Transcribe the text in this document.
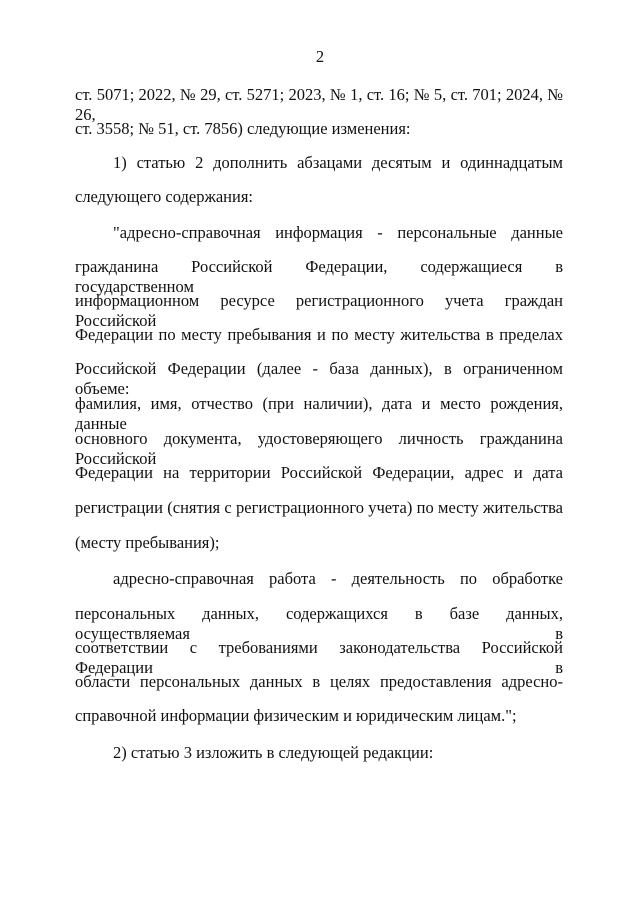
2
ст. 5071; 2022, № 29, ст. 5271; 2023, № 1, ст. 16; № 5, ст. 701; 2024, № 26,
ст. 3558; № 51, ст. 7856) следующие изменения:
1) статью 2 дополнить абзацами десятым и одиннадцатым
следующего содержания:
"адресно-справочная информация - персональные данные
гражданина Российской Федерации, содержащиеся в государственном
информационном ресурсе регистрационного учета граждан Российской
Федерации по месту пребывания и по месту жительства в пределах
Российской Федерации (далее - база данных), в ограниченном объеме:
фамилия, имя, отчество (при наличии), дата и место рождения, данные
основного документа, удостоверяющего личность гражданина Российской
Федерации на территории Российской Федерации, адрес и дата
регистрации (снятия с регистрационного учета) по месту жительства
(месту пребывания);
адресно-справочная работа - деятельность по обработке
персональных данных, содержащихся в базе данных, осуществляемая в
соответствии с требованиями законодательства Российской Федерации в
области персональных данных в целях предоставления адресно-
справочной информации физическим и юридическим лицам.";
2) статью 3 изложить в следующей редакции:
